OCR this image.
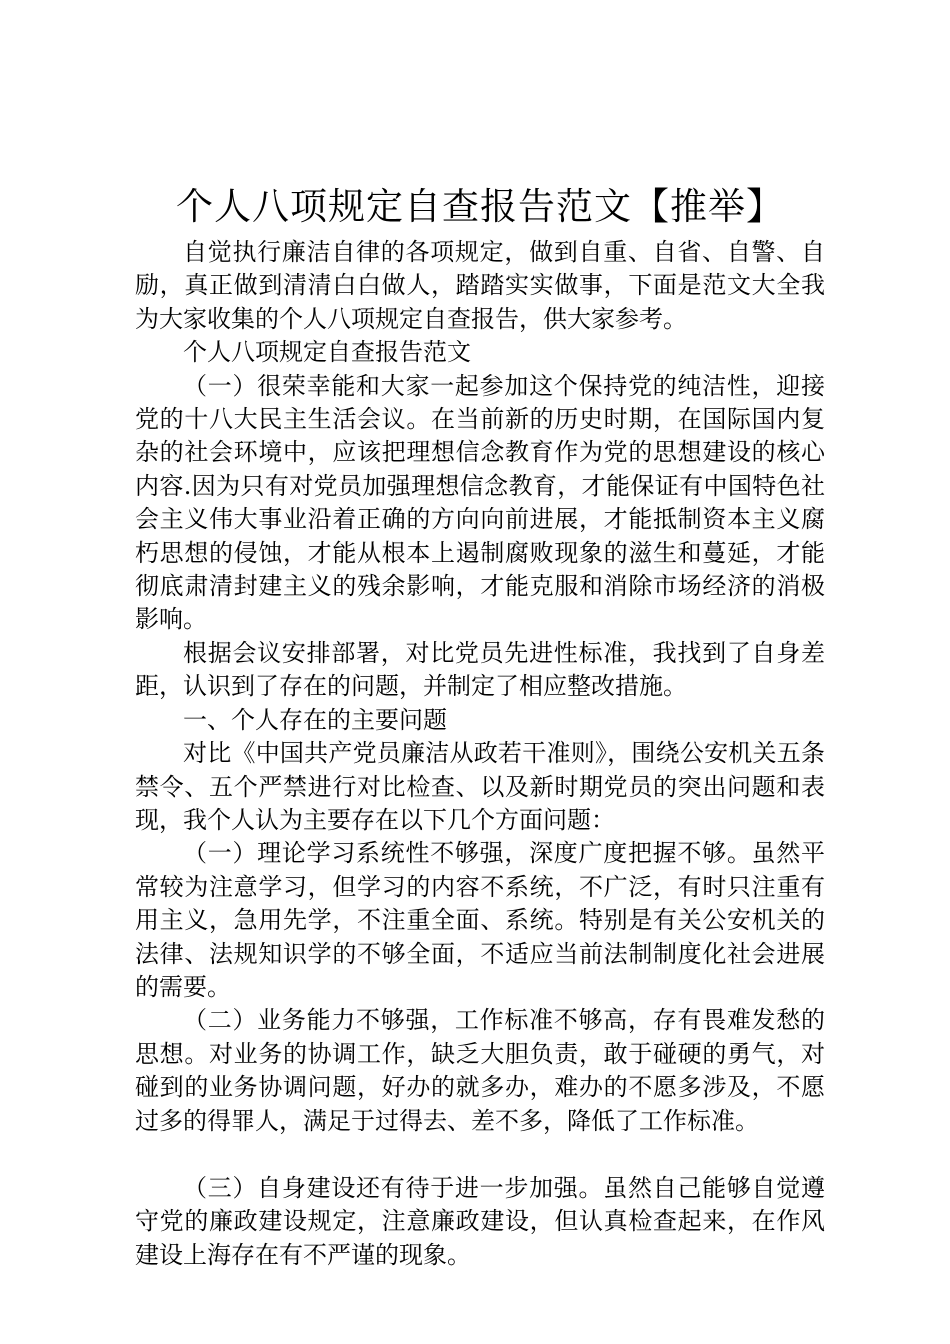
个人八项规定自查报告范文【推举】

自觉执行廉洁自律的各项规定，做到自重、自省、自警、自励，真正做到清清白白做人，踏踏实实做事，下面是范文大全我为大家收集的个人八项规定自查报告，供大家参考。

个人八项规定自查报告范文

（一）很荣幸能和大家一起参加这个保持党的纯洁性，迎接党的十八大民主生活会议。在当前新的历史时期，在国际国内复杂的社会环境中，应该把理想信念教育作为党的思想建设的核心内容.因为只有对党员加强理想信念教育，才能保证有中国特色社会主义伟大事业沿着正确的方向向前进展，才能抵制资本主义腐朽思想的侵蚀，才能从根本上遏制腐败现象的滋生和蔓延，才能彻底肃清封建主义的残余影响，才能克服和消除市场经济的消极影响。

根据会议安排部署，对比党员先进性标准，我找到了自身差距，认识到了存在的问题，并制定了相应整改措施。

一、个人存在的主要问题

对比《中国共产党员廉洁从政若干准则》，围绕公安机关五条禁令、五个严禁进行对比检查、以及新时期党员的突出问题和表现，我个人认为主要存在以下几个方面问题：

（一）理论学习系统性不够强，深度广度把握不够。虽然平常较为注意学习，但学习的内容不系统，不广泛，有时只注重有用主义，急用先学，不注重全面、系统。特别是有关公安机关的法律、法规知识学的不够全面，不适应当前法制制度化社会进展的需要。

（二）业务能力不够强，工作标准不够高，存有畏难发愁的思想。对业务的协调工作，缺乏大胆负责，敢于碰硬的勇气，对碰到的业务协调问题，好办的就多办，难办的不愿多涉及，不愿过多的得罪人，满足于过得去、差不多，降低了工作标准。

（三）自身建设还有待于进一步加强。虽然自己能够自觉遵守党的廉政建设规定，注意廉政建设，但认真检查起来，在作风建设上海存在有不严谨的现象。
